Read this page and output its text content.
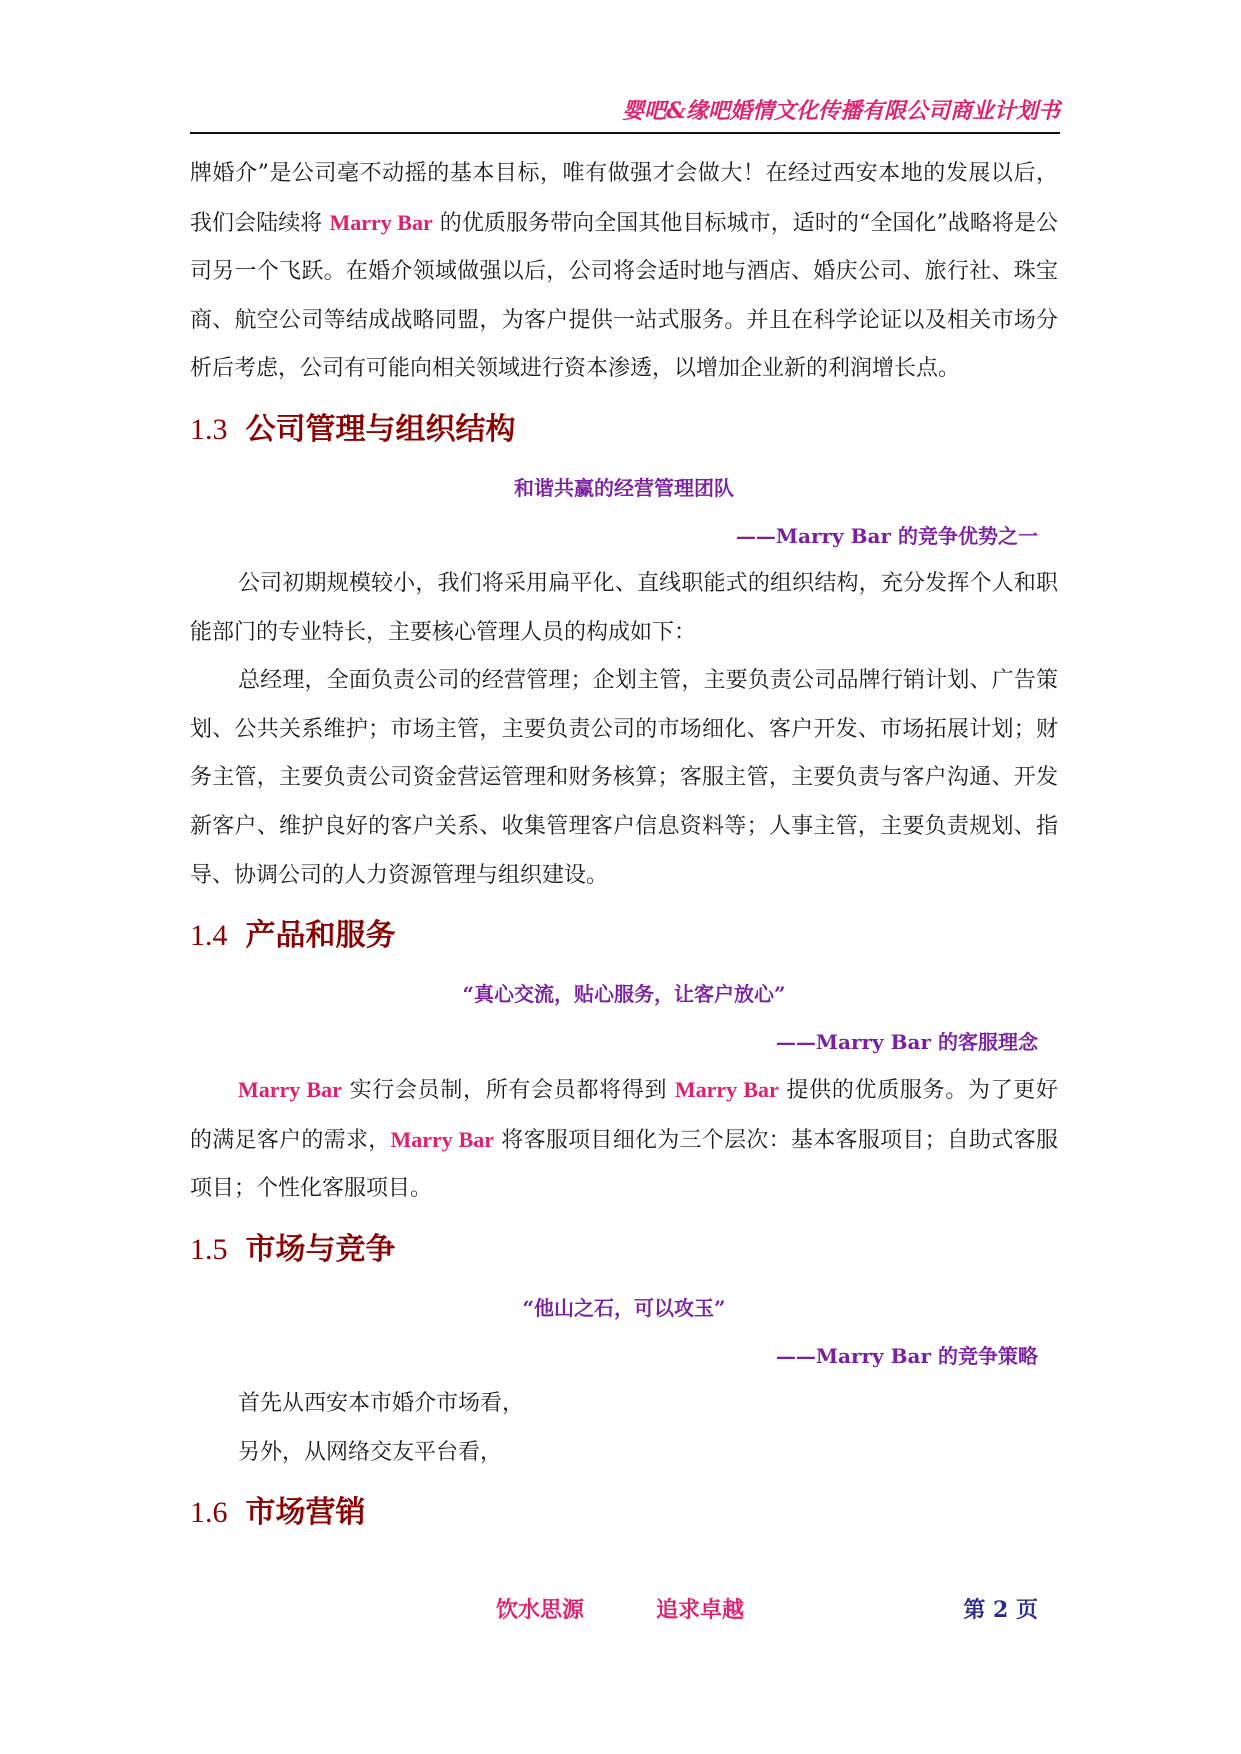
婴吧&缘吧婚情文化传播有限公司商业计划书

牌婚介”是公司毫不动摇的基本目标，唯有做强才会做大！在经过西安本地的发展以后，我们会陆续将 Marry Bar 的优质服务带向全国其他目标城市，适时的“全国化”战略将是公司另一个飞跃。在婚介领域做强以后，公司将会适时地与酒店、婚庆公司、旅行社、珠宝商、航空公司等结成战略同盟，为客户提供一站式服务。并且在科学论证以及相关市场分析后考虑，公司有可能向相关领域进行资本渗透，以增加企业新的利润增长点。

1.3 公司管理与组织结构

和谐共赢的经营管理团队

——Marry Bar 的竞争优势之一

公司初期规模较小，我们将采用扁平化、直线职能式的组织结构，充分发挥个人和职能部门的专业特长，主要核心管理人员的构成如下：

总经理，全面负责公司的经营管理；企划主管，主要负责公司品牌行销计划、广告策划、公共关系维护；市场主管，主要负责公司的市场细化、客户开发、市场拓展计划；财务主管，主要负责公司资金营运管理和财务核算；客服主管，主要负责与客户沟通、开发新客户、维护良好的客户关系、收集管理客户信息资料等；人事主管，主要负责规划、指导、协调公司的人力资源管理与组织建设。

1.4 产品和服务

“真心交流，贴心服务，让客户放心”

——Marry Bar 的客服理念

Marry Bar 实行会员制，所有会员都将得到 Marry Bar 提供的优质服务。为了更好的满足客户的需求，Marry Bar 将客服项目细化为三个层次：基本客服项目；自助式客服项目；个性化客服项目。

1.5 市场与竞争

“他山之石，可以攻玉”

——Marry Bar 的竞争策略

首先从西安本市婚介市场看，

另外，从网络交友平台看，

1.6 市场营销
饮水思源	追求卓越	第 2 页
